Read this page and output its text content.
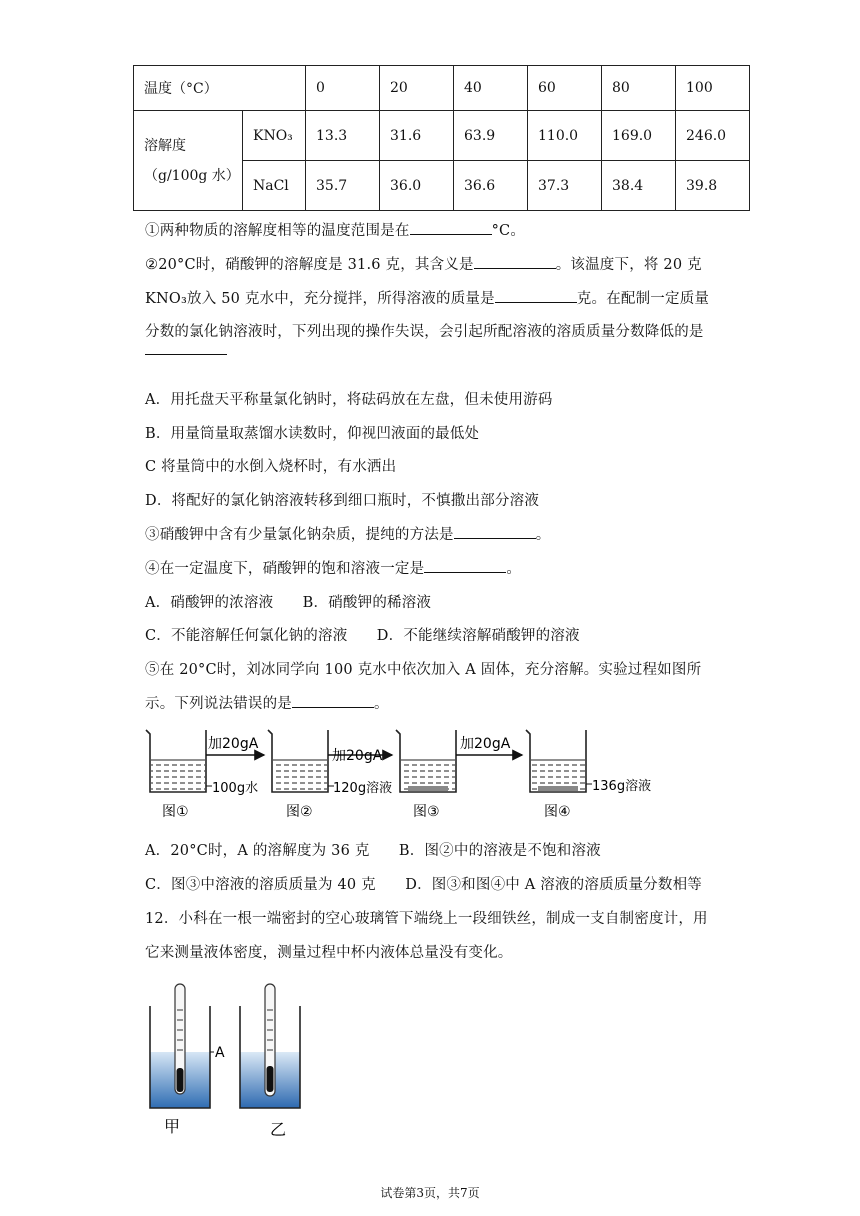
温度（°C）		0	20	40	60	80	100

溶解度
（g/100g 水）	KNO₃	13.3	31.6	63.9	110.0	169.0	246.0
	NaCl	35.7	36.0	36.6	37.3	38.4	39.8
①两种物质的溶解度相等的温度范围是在	°C。
②20°C时，硝酸钾的溶解度是 31.6 克，其含义是	。该温度下，将 20 克
KNO₃放入 50 克水中，充分搅拌，所得溶液的质量是	克。在配制一定质量
分数的氯化钠溶液时，下列出现的操作失误，会引起所配溶液的溶质质量分数降低的是
A．用托盘天平称量氯化钠时，将砝码放在左盘，但未使用游码
B．用量筒量取蒸馏水读数时，仰视凹液面的最低处
C 将量筒中的水倒入烧杯时，有水洒出
D．将配好的氯化钠溶液转移到细口瓶时，不慎撒出部分溶液
③硝酸钾中含有少量氯化钠杂质，提纯的方法是	。
④在一定温度下，硝酸钾的饱和溶液一定是	。
A．硝酸钾的浓溶液　　B．硝酸钾的稀溶液
C．不能溶解任何氯化钠的溶液　　D．不能继续溶解硝酸钾的溶液
⑤在 20°C时，刘冰同学向 100 克水中依次加入 A 固体，充分溶解。实验过程如图所
示。下列说法错误的是	。
加20gA
加20gA
加20gA
100g水	120g溶液	136g溶液
图①	图②	图③	图④
A．20°C时，A 的溶解度为 36 克　　B．图②中的溶液是不饱和溶液
C．图③中溶液的溶质质量为 40 克　　D．图③和图④中 A 溶液的溶质质量分数相等
12．小科在一根一端密封的空心玻璃管下端绕上一段细铁丝，制成一支自制密度计，用
它来测量液体密度，测量过程中杯内液体总量没有变化。
A
甲	乙
试卷第3页，共7页
